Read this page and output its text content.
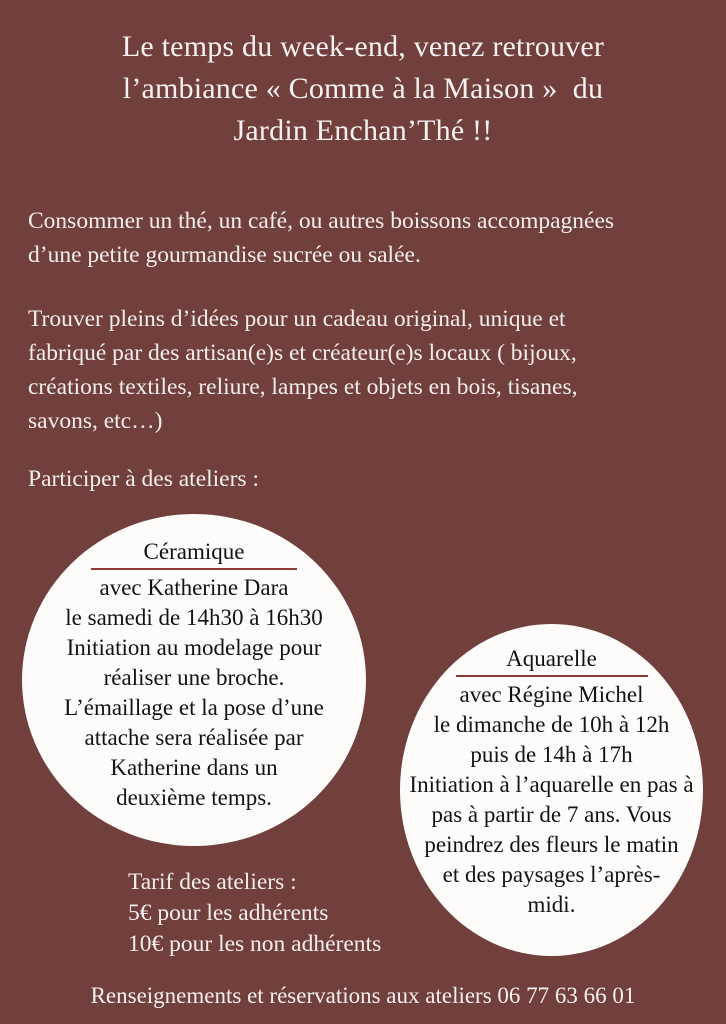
Le temps du week-end, venez retrouver
l’ambiance « Comme à la Maison »  du
Jardin Enchan’Thé !!
Consommer un thé, un café, ou autres boissons accompagnées
d’une petite gourmandise sucrée ou salée.
Trouver pleins d’idées pour un cadeau original, unique et
fabriqué par des artisan(e)s et créateur(e)s locaux ( bijoux,
créations textiles, reliure, lampes et objets en bois, tisanes,
savons, etc…)
Participer à des ateliers :
Céramique
avec Katherine Dara
le samedi de 14h30 à 16h30
Initiation au modelage pour
réaliser une broche.
L’émaillage et la pose d’une
attache sera réalisée par
Katherine dans un
deuxième temps.
Aquarelle
avec Régine Michel
le dimanche de 10h à 12h
puis de 14h à 17h
Initiation à l’aquarelle en pas à
pas à partir de 7 ans. Vous
peindrez des fleurs le matin
et des paysages l’après-
midi.
Tarif des ateliers :
5€ pour les adhérents
10€ pour les non adhérents
Renseignements et réservations aux ateliers 06 77 63 66 01
